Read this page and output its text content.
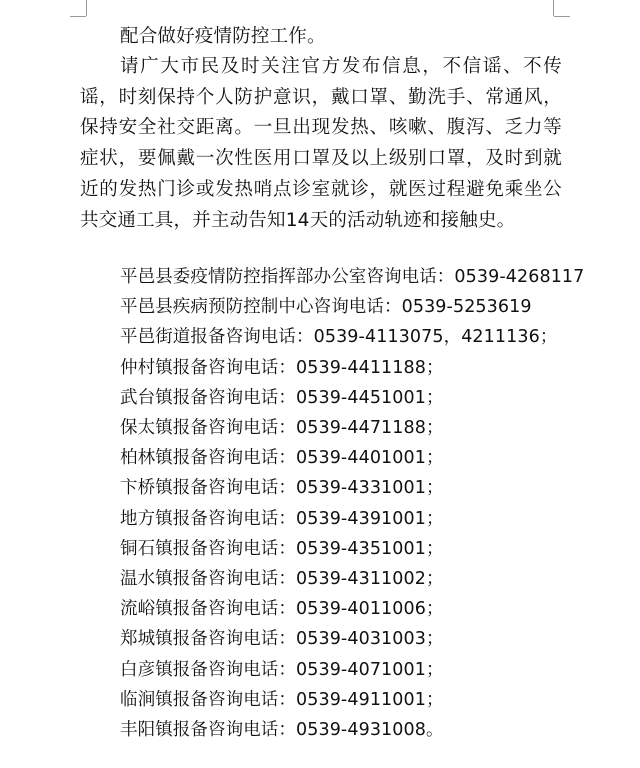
配合做好疫情防控工作。

请广大市民及时关注官方发布信息，不信谣、不传谣，时刻保持个人防护意识，戴口罩、勤洗手、常通风，保持安全社交距离。一旦出现发热、咳嗽、腹泻、乏力等症状，要佩戴一次性医用口罩及以上级别口罩，及时到就近的发热门诊或发热哨点诊室就诊，就医过程避免乘坐公共交通工具，并主动告知14天的活动轨迹和接触史。

平邑县委疫情防控指挥部办公室咨询电话：0539-4268117
平邑县疾病预防控制中心咨询电话：0539-5253619
平邑街道报备咨询电话：0539-4113075，4211136；
仲村镇报备咨询电话：0539-4411188；
武台镇报备咨询电话：0539-4451001；
保太镇报备咨询电话：0539-4471188；
柏林镇报备咨询电话：0539-4401001；
卞桥镇报备咨询电话：0539-4331001；
地方镇报备咨询电话：0539-4391001；
铜石镇报备咨询电话：0539-4351001；
温水镇报备咨询电话：0539-4311002；
流峪镇报备咨询电话：0539-4011006；
郑城镇报备咨询电话：0539-4031003；
白彦镇报备咨询电话：0539-4071001；
临涧镇报备咨询电话：0539-4911001；
丰阳镇报备咨询电话：0539-4931008。
